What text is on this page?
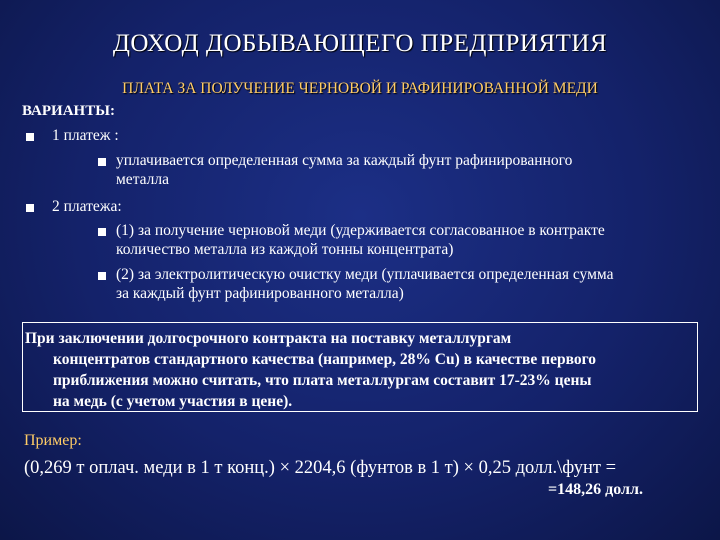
ДОХОД ДОБЫВАЮЩЕГО ПРЕДПРИЯТИЯ
ПЛАТА ЗА ПОЛУЧЕНИЕ ЧЕРНОВОЙ И РАФИНИРОВАННОЙ МЕДИ
ВАРИАНТЫ:
1 платеж :
уплачивается определенная сумма за каждый фунт рафинированного
металла
2 платежа:
(1) за получение черновой меди (удерживается согласованное в контракте
количество металла из каждой тонны концентрата)
(2) за электролитическую очистку меди (уплачивается определенная сумма
за каждый фунт рафинированного металла)
При заключении долгосрочного контракта на поставку металлургам
концентратов стандартного качества (например, 28% Cu) в качестве первого
приближения можно считать, что плата металлургам составит 17-23% цены
на медь (с учетом участия в цене).
Пример:
(0,269 т оплач. меди в 1 т конц.) × 2204,6 (фунтов в 1 т) × 0,25 долл.\фунт =
=148,26 долл.
